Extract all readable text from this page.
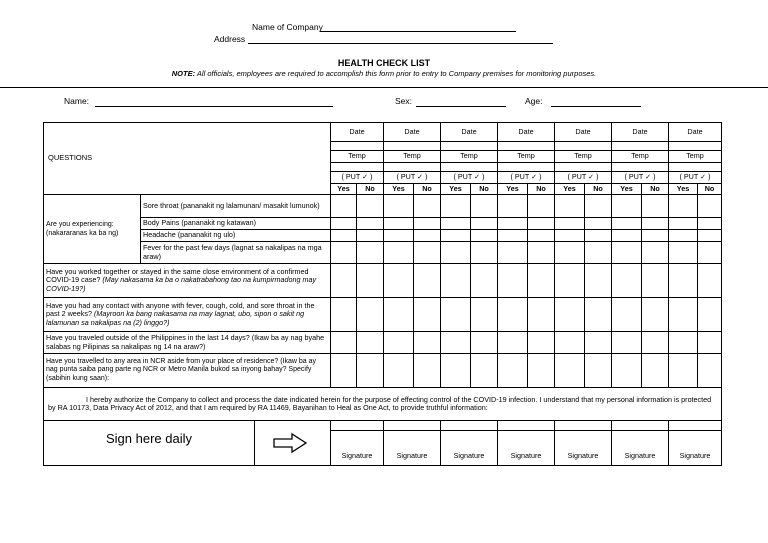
Name of Company
Address
HEALTH CHECK LIST
NOTE: All officials, employees are required to accomplish this form prior to entry to Company premises for monitoring purposes.
Name:	Sex:	Age:
QUESTIONS		Date		Date		Date		Date		Date		Date		Date	

		Temp		Temp		Temp		Temp		Temp		Temp		Temp	

		( PUT ✓ )		( PUT ✓ )		( PUT ✓ )		( PUT ✓ )		( PUT ✓ )		( PUT ✓ )		( PUT ✓ )	
		Yes	No	Yes	No	Yes	No	Yes	No	Yes	No	Yes	No	Yes	No
Are you experiencing: (nakararanas ka ba ng)	Sore throat (pananakit ng lalamunan/ masakit lumunok)														
	Body Pains (pananakit ng katawan)														
	Headache (pananakit ng ulo)														
	Fever for the past few days (lagnat sa nakalipas na mga araw)														
Have you worked together or stayed in the same close environment of a confirmed COVID-19 case? (May nakasama ka ba o nakatrabahong tao na kumpirmadong may COVID-19?)															
Have you had any contact with anyone with fever, cough, cold, and sore throat in the past 2 weeks? (Mayroon ka bang nakasama na may lagnat, ubo, sipon o sakit ng lalamunan sa nakalipas na (2) linggo?)															
Have you traveled outside of the Philippines in the last 14 days? (Ikaw ba ay nag byahe salabas ng Pilipinas sa nakalipas ng 14 na araw?)															
Have you travelled to any area in NCR aside from your place of residence? (Ikaw ba ay nag punta saiba pang parte ng NCR or Metro Manila bukod sa inyong bahay? Specify (sabihin kung saan):															
I hereby authorize the Company to collect and process the date indicated herein for the purpose of effecting control of the COVID-19 infection. I understand that my personal information is protected by RA 10173, Data Privacy Act of 2012, and that I am required by RA 11469, Bayanihan to Heal as One Act, to provide truthful information:															

Sign here daily															

		Signature		Signature		Signature		Signature		Signature		Signature		Signature	
